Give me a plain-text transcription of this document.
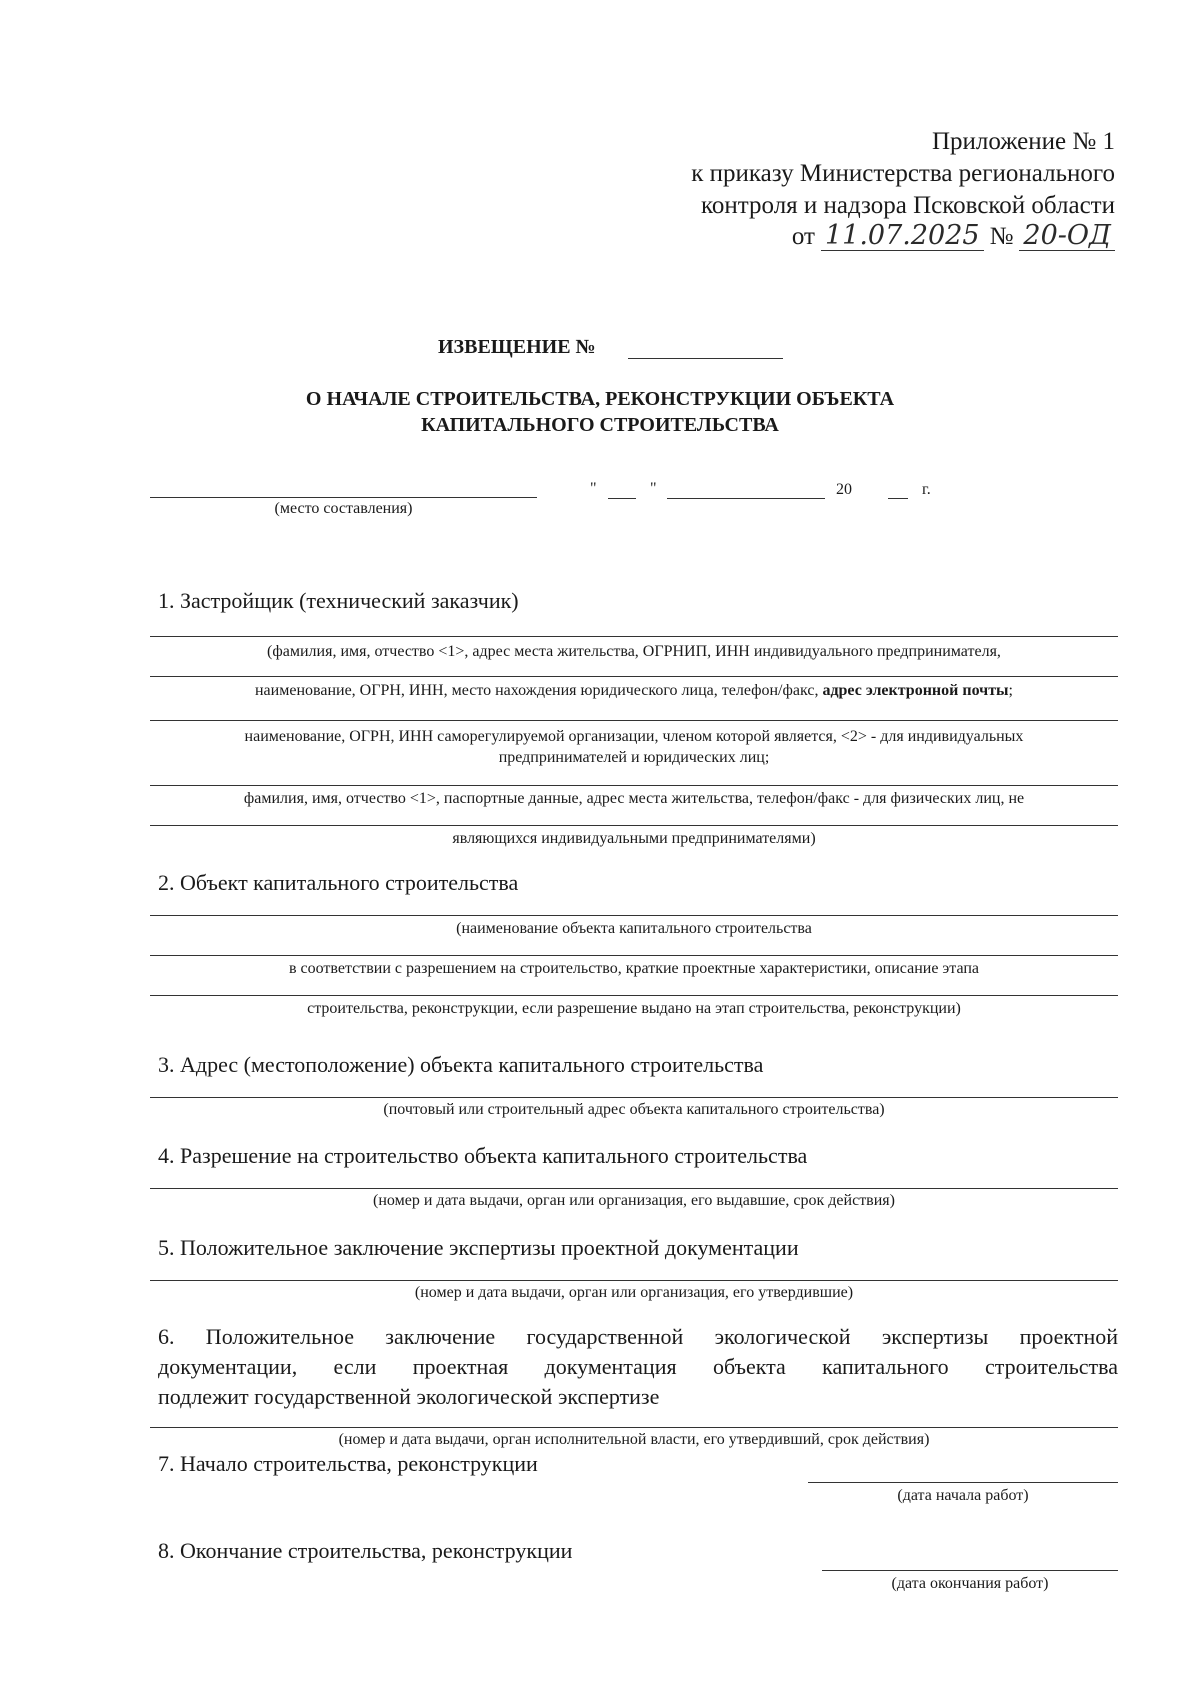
Приложение № 1
к приказу Министерства регионального
контроля и надзора Псковской области
от 11.07.2025 № 20-ОД
ИЗВЕЩЕНИЕ №
О НАЧАЛЕ СТРОИТЕЛЬСТВА, РЕКОНСТРУКЦИИ ОБЪЕКТА
КАПИТАЛЬНОГО СТРОИТЕЛЬСТВА
(место составления)
"	"	20	г.
1. Застройщик (технический заказчик)
(фамилия, имя, отчество <1>, адрес места жительства, ОГРНИП, ИНН индивидуального предпринимателя,
наименование, ОГРН, ИНН, место нахождения юридического лица, телефон/факс, адрес электронной почты;
наименование, ОГРН, ИНН саморегулируемой организации, членом которой является, <2> - для индивидуальных
предпринимателей и юридических лиц;
фамилия, имя, отчество <1>, паспортные данные, адрес места жительства, телефон/факс - для физических лиц, не
являющихся индивидуальными предпринимателями)
2. Объект капитального строительства
(наименование объекта капитального строительства
в соответствии с разрешением на строительство, краткие проектные характеристики, описание этапа
строительства, реконструкции, если разрешение выдано на этап строительства, реконструкции)
3. Адрес (местоположение) объекта капитального строительства
(почтовый или строительный адрес объекта капитального строительства)
4. Разрешение на строительство объекта капитального строительства
(номер и дата выдачи, орган или организация, его выдавшие, срок действия)
5. Положительное заключение экспертизы проектной документации
(номер и дата выдачи, орган или организация, его утвердившие)
6. Положительное заключение государственной экологической экспертизы проектной
документации, если проектная документация объекта капитального строительства
подлежит государственной экологической экспертизе
(номер и дата выдачи, орган исполнительной власти, его утвердивший, срок действия)
7. Начало строительства, реконструкции
(дата начала работ)
8. Окончание строительства, реконструкции
(дата окончания работ)
